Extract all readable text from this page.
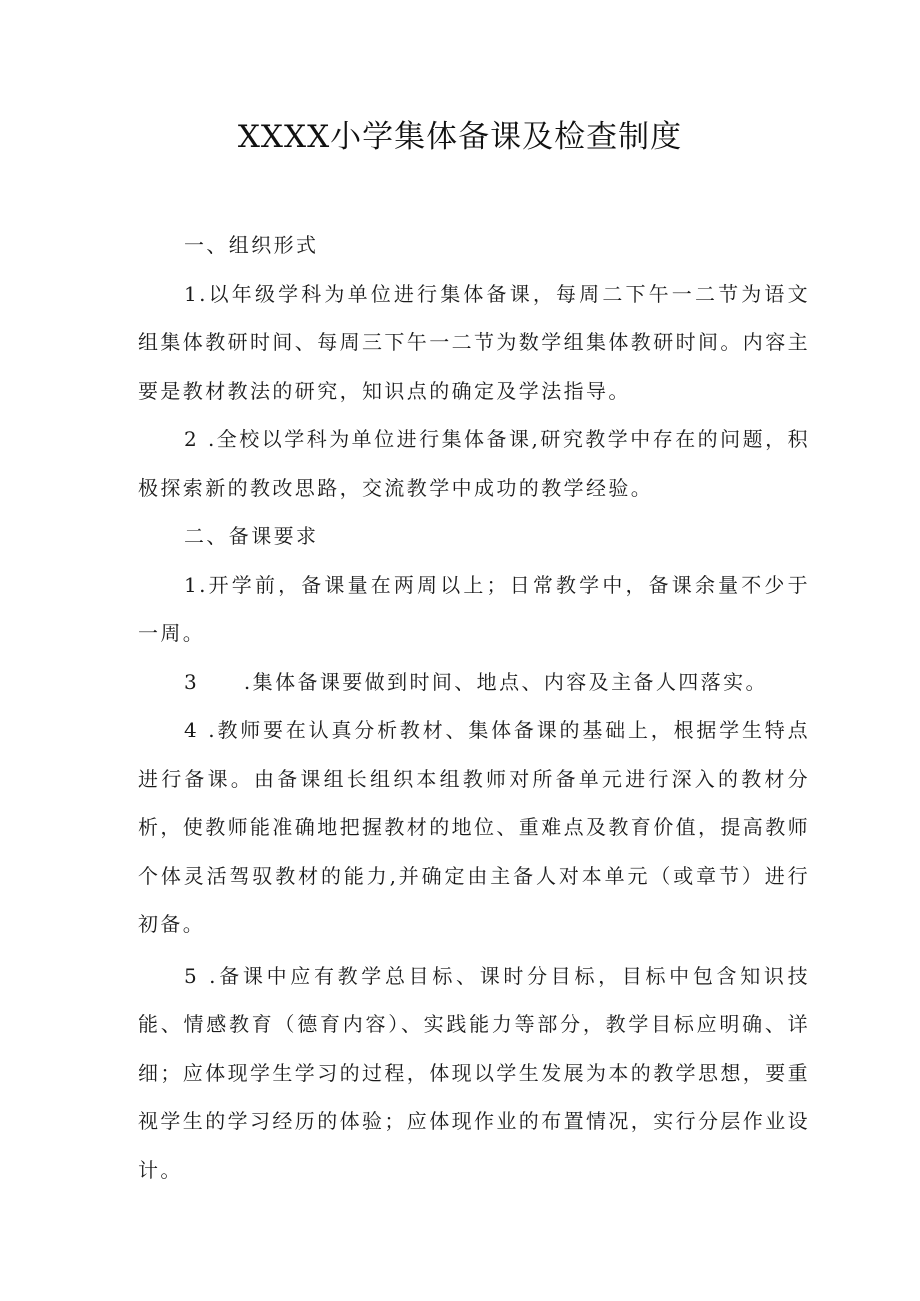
XXXX小学集体备课及检查制度

一、组织形式

1.以年级学科为单位进行集体备课，每周二下午一二节为语文组集体教研时间、每周三下午一二节为数学组集体教研时间。内容主要是教材教法的研究，知识点的确定及学法指导。

2 .全校以学科为单位进行集体备课,研究教学中存在的问题，积极探索新的教改思路，交流教学中成功的教学经验。

二、备课要求

1.开学前，备课量在两周以上；日常教学中，备课余量不少于一周。

3　　.集体备课要做到时间、地点、内容及主备人四落实。

4 .教师要在认真分析教材、集体备课的基础上，根据学生特点进行备课。由备课组长组织本组教师对所备单元进行深入的教材分析，使教师能准确地把握教材的地位、重难点及教育价值，提高教师个体灵活驾驭教材的能力,并确定由主备人对本单元（或章节）进行初备。

5 .备课中应有教学总目标、课时分目标，目标中包含知识技能、情感教育（德育内容）、实践能力等部分，教学目标应明确、详细；应体现学生学习的过程，体现以学生发展为本的教学思想，要重视学生的学习经历的体验；应体现作业的布置情况，实行分层作业设计。
